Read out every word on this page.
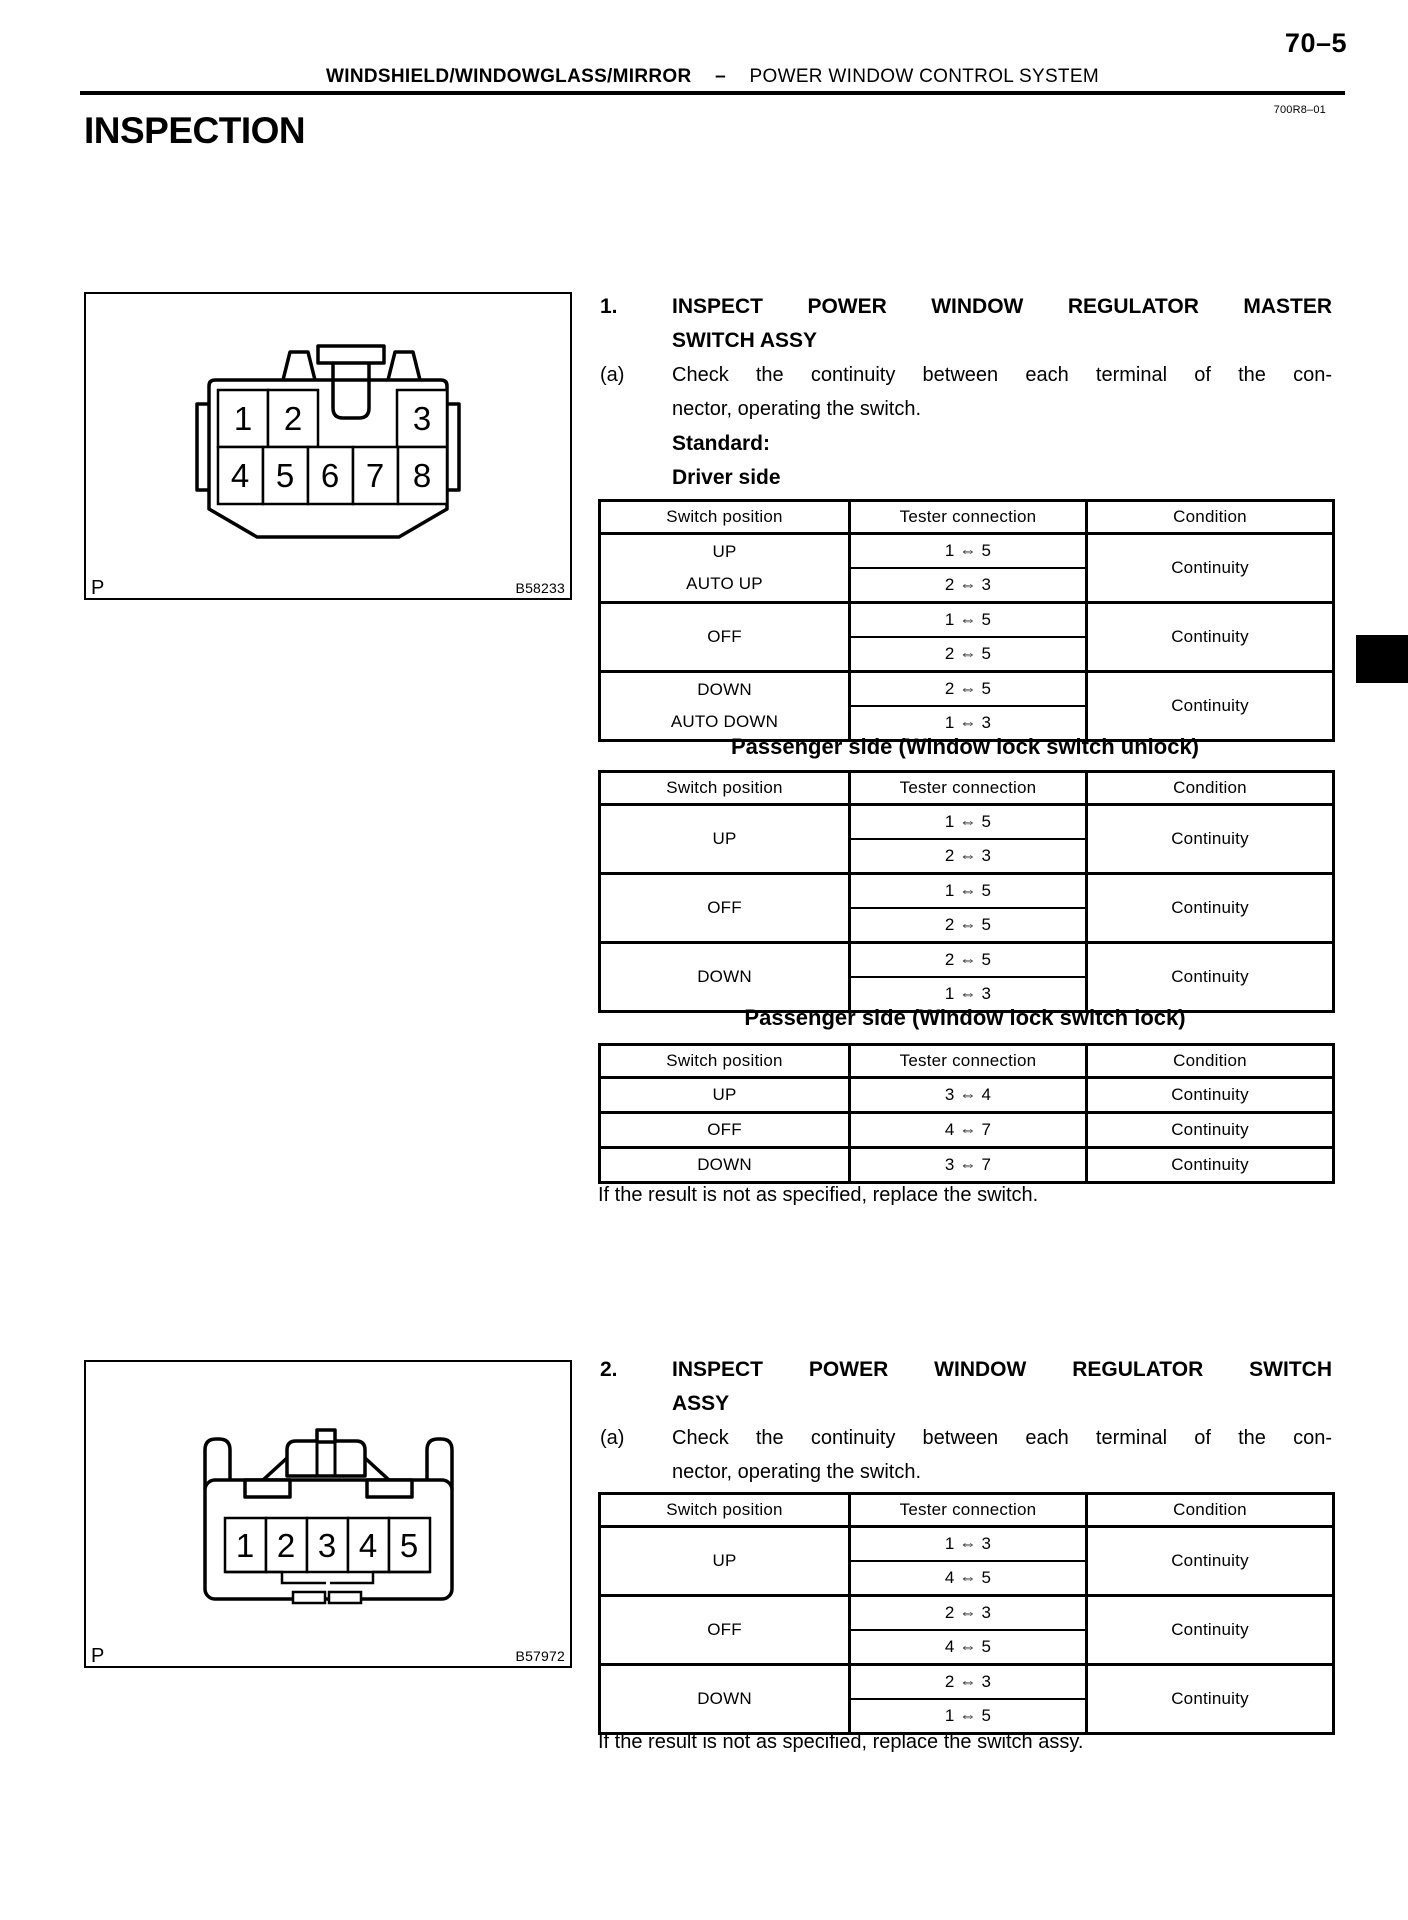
70–5
WINDSHIELD/WINDOWGLASS/MIRROR – POWER WINDOW CONTROL SYSTEM
700R8–01
INSPECTION
1 2	3
4 5 6 7 8
P	B58233
1.	INSPECT POWER WINDOW REGULATOR MASTER
SWITCH ASSY
(a) Check the continuity between each terminal of the con-
nector, operating the switch.
Standard:
Driver side
Switch position	Tester connection	Condition

UP
AUTO UP	1 ⇔ 5	Continuity
	2 ⇔ 3	
OFF	1 ⇔ 5	Continuity
	2 ⇔ 5	

DOWN
AUTO DOWN	2 ⇔ 5	Continuity
	1 ⇔ 3	
Passenger side (Window lock switch unlock)
Switch position	Tester connection	Condition
UP	1 ⇔ 5	Continuity
	2 ⇔ 3	
OFF	1 ⇔ 5	Continuity
	2 ⇔ 5	
DOWN	2 ⇔ 5	Continuity
	1 ⇔ 3	
Passenger side (Window lock switch lock)
Switch position	Tester connection	Condition
UP	3 ⇔ 4	Continuity
OFF	4 ⇔ 7	Continuity
DOWN	3 ⇔ 7	Continuity
If the result is not as specified, replace the switch.
1 2 3 4 5
P	B57972
2.	INSPECT POWER WINDOW REGULATOR SWITCH
ASSY
(a) Check the continuity between each terminal of the con-
nector, operating the switch.
Switch position	Tester connection	Condition
UP	1 ⇔ 3	Continuity
	4 ⇔ 5	
OFF	2 ⇔ 3	Continuity
	4 ⇔ 5	
DOWN	2 ⇔ 3	Continuity
	1 ⇔ 5	
If the result is not as specified, replace the switch assy.
